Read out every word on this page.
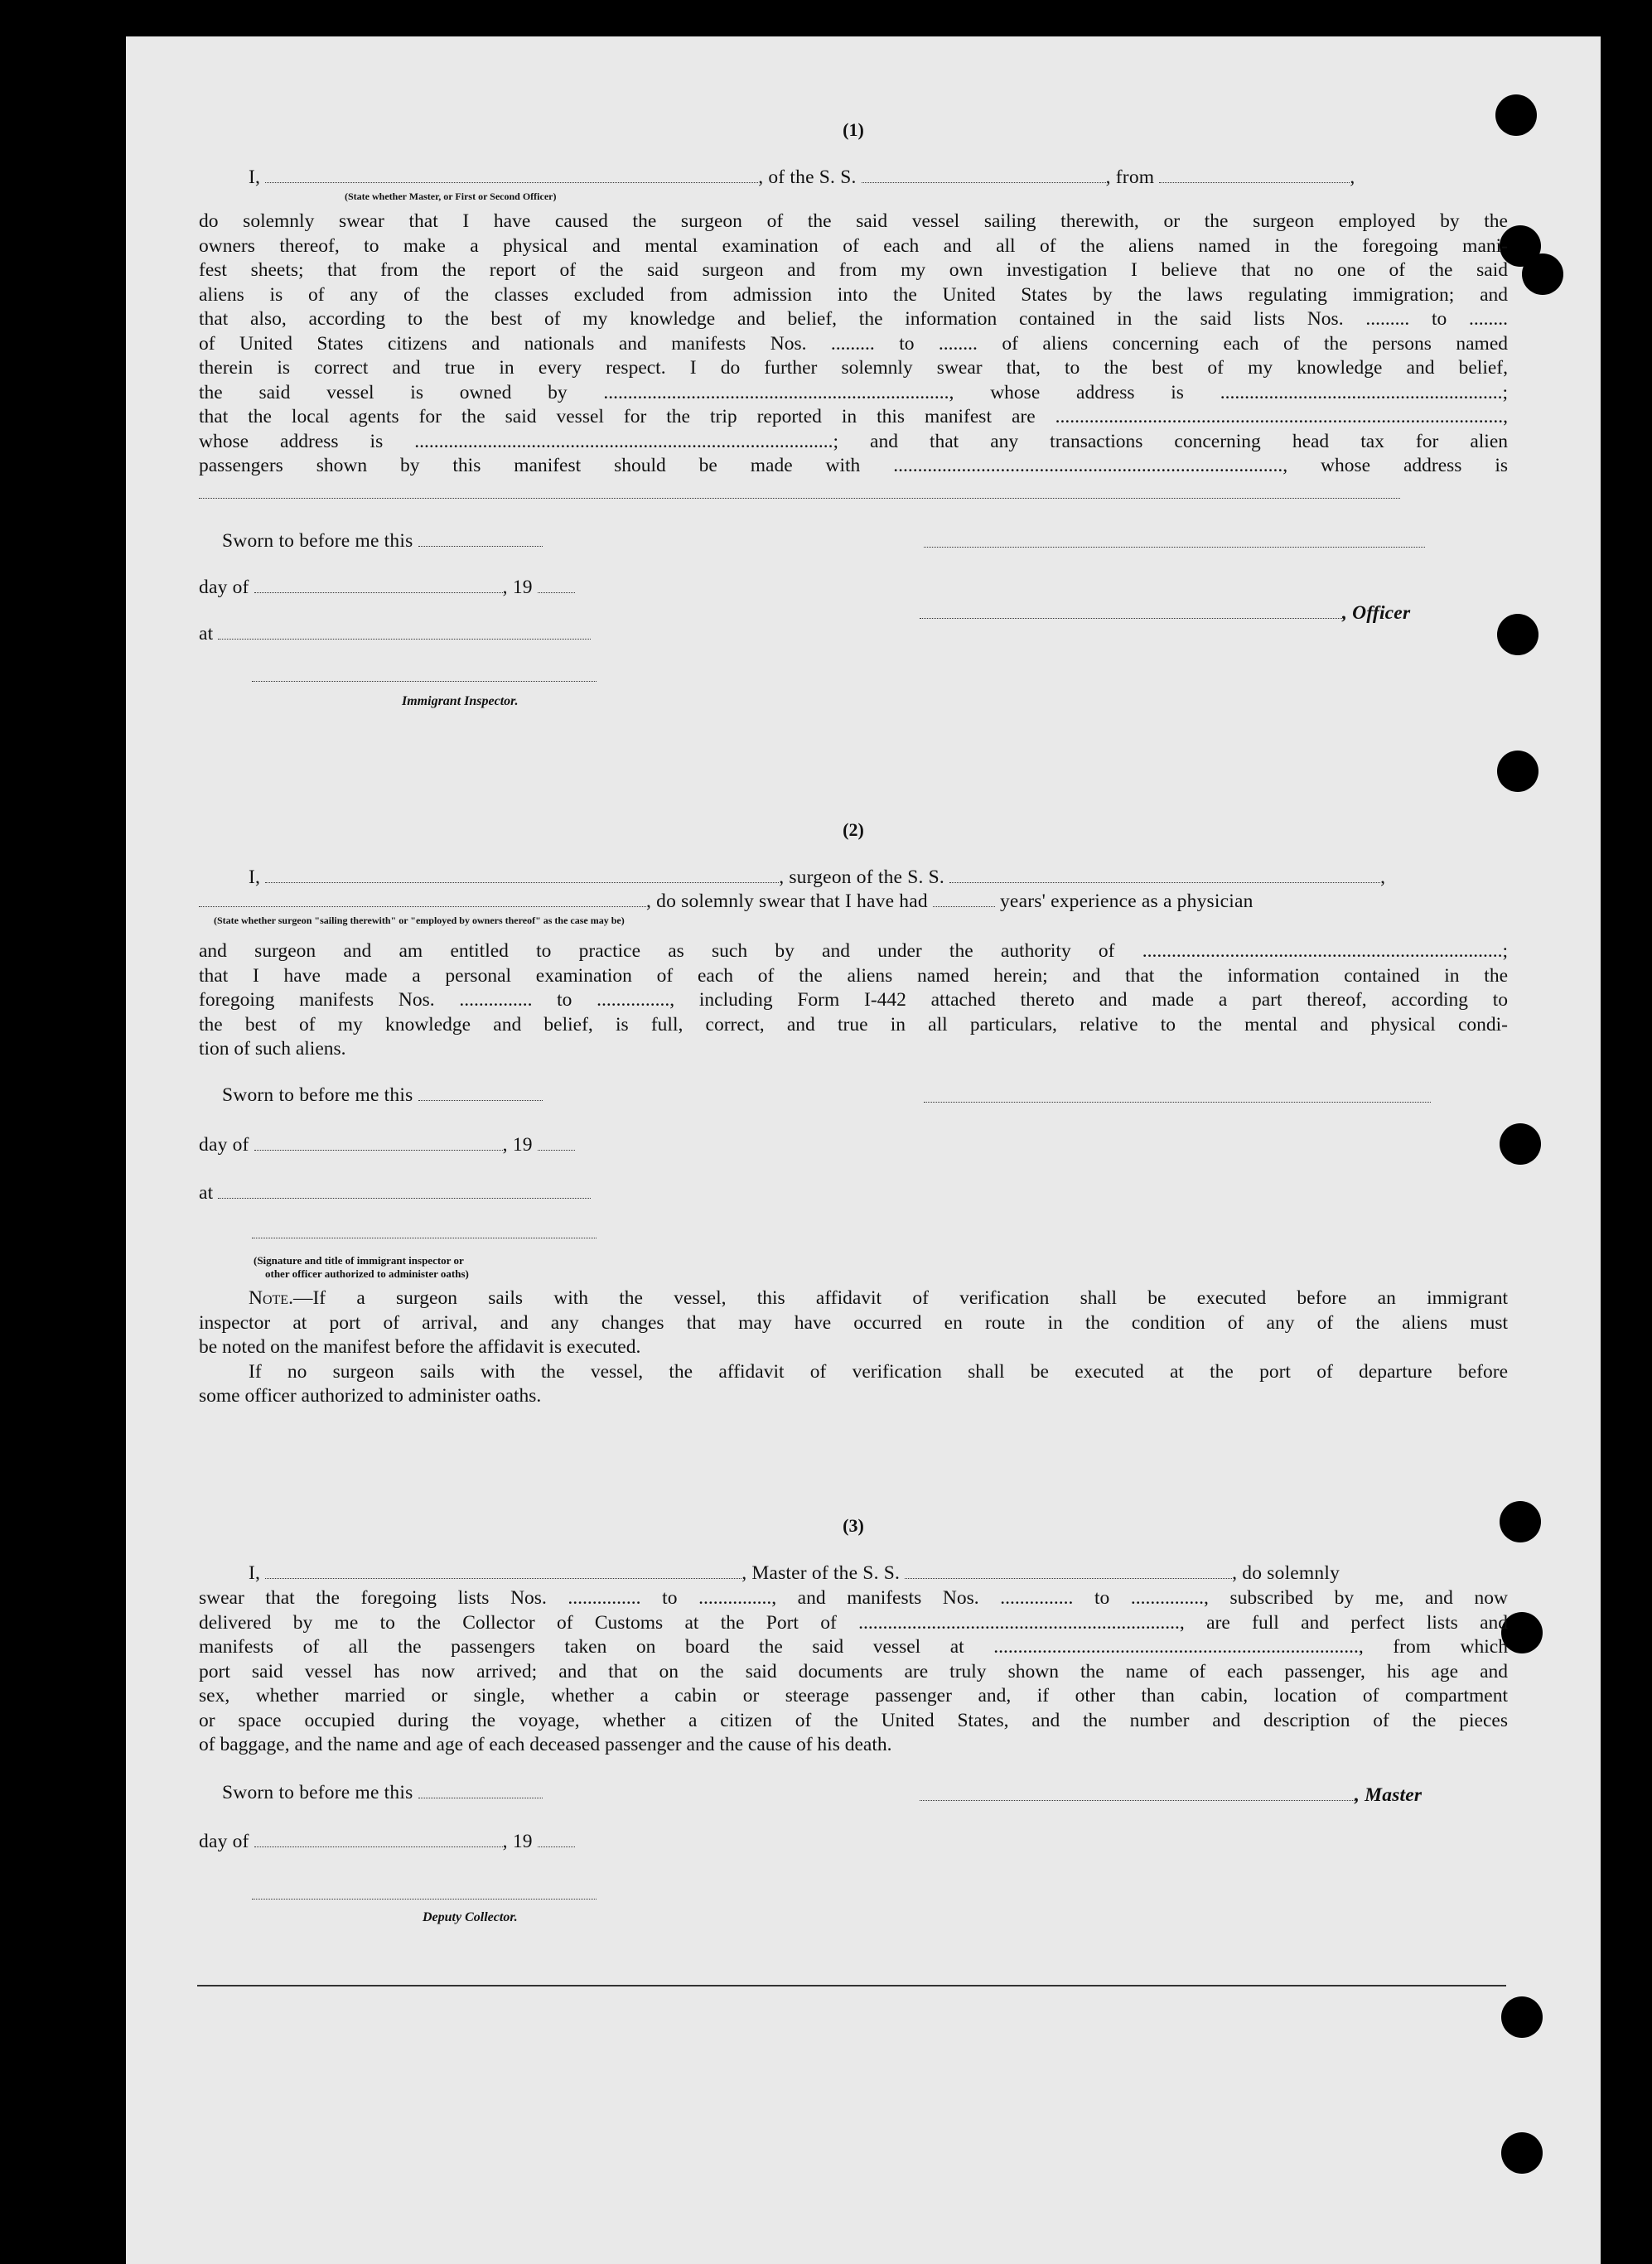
(1)
I,	, of the S. S.	, from	,
(State whether Master, or First or Second Officer)
do solemnly swear that I have caused the surgeon of the said vessel sailing therewith, or the surgeon employed by the
owners thereof, to make a physical and mental examination of each and all of the aliens named in the foregoing mani-
fest sheets; that from the report of the said surgeon and from my own investigation I believe that no one of the said
aliens is of any of the classes excluded from admission into the United States by the laws regulating immigration; and
that also, according to the best of my knowledge and belief, the information contained in the said lists Nos. ......... to ........
of United States citizens and nationals and manifests Nos. ......... to ........ of aliens concerning each of the persons named
therein is correct and true in every respect. I do further solemnly swear that, to the best of my knowledge and belief,
the said vessel is owned by ......................................................................., whose address is ..........................................................;
that the local agents for the said vessel for the trip reported in this manifest are ............................................................................................,
whose address is ......................................................................................; and that any transactions concerning head tax for alien
passengers shown by this manifest should be made with ................................................................................, whose address is
Sworn to before me this
day of	, 19
, Officer
at
Immigrant Inspector.
(2)
I,	, surgeon of the S. S.	,
, do solemnly swear that I have had	years' experience as a physician
(State whether surgeon "sailing therewith" or "employed by owners thereof" as the case may be)
and surgeon and am entitled to practice as such by and under the authority of ..........................................................................;
that I have made a personal examination of each of the aliens named herein; and that the information contained in the
foregoing manifests Nos. ............... to ..............., including Form I-442 attached thereto and made a part thereof, according to
the best of my knowledge and belief, is full, correct, and true in all particulars, relative to the mental and physical condi-
tion of such aliens.
Sworn to before me this
day of	, 19
at
(Signature and title of immigrant inspector or
other officer authorized to administer oaths)
Note.—If a surgeon sails with the vessel, this affidavit of verification shall be executed before an immigrant
inspector at port of arrival, and any changes that may have occurred en route in the condition of any of the aliens must
be noted on the manifest before the affidavit is executed.
If no surgeon sails with the vessel, the affidavit of verification shall be executed at the port of departure before
some officer authorized to administer oaths.
(3)
I,	, Master of the S. S.	, do solemnly
swear that the foregoing lists Nos. ............... to ..............., and manifests Nos. ............... to ..............., subscribed by me, and now
delivered by me to the Collector of Customs at the Port of .................................................................., are full and perfect lists and
manifests of all the passengers taken on board the said vessel at ..........................................................................., from which
port said vessel has now arrived; and that on the said documents are truly shown the name of each passenger, his age and
sex, whether married or single, whether a cabin or steerage passenger and, if other than cabin, location of compartment
or space occupied during the voyage, whether a citizen of the United States, and the number and description of the pieces
of baggage, and the name and age of each deceased passenger and the cause of his death.
Sworn to before me this	, Master
day of	, 19
Deputy Collector.
